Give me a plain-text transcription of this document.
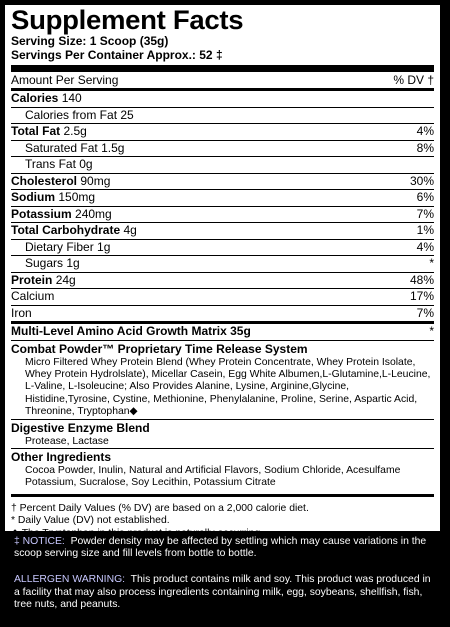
Supplement Facts
Serving Size: 1 Scoop (35g)
Servings Per Container Approx.: 52 ‡
Amount Per Serving	% DV †
Calories 140
Calories from Fat 25
Total Fat 2.5g	4%
Saturated Fat 1.5g	8%
Trans Fat 0g
Cholesterol 90mg	30%
Sodium 150mg	6%
Potassium 240mg	7%
Total Carbohydrate 4g	1%
Dietary Fiber 1g	4%
Sugars 1g	*
Protein 24g	48%
Calcium	17%
Iron	7%
Multi-Level Amino Acid Growth Matrix 35g	*
Combat Powder™ Proprietary Time Release System
Micro Filtered Whey Protein Blend (Whey Protein Concentrate, Whey Protein Isolate, Whey Protein Hydrolslate), Micellar Casein, Egg White Albumen,L-Glutamine,L-Leucine, L-Valine, L-Isoleucine; Also Provides Alanine, Lysine, Arginine,Glycine, Histidine,Tyrosine, Cystine, Methionine, Phenylalanine, Proline, Serine, Aspartic Acid, Threonine, Tryptophan◆
Digestive Enzyme Blend
Protease, Lactase
Other Ingredients
Cocoa Powder, Inulin, Natural and Artificial Flavors, Sodium Chloride, Acesulfame Potassium, Sucralose, Soy Lecithin, Potassium Citrate
† Percent Daily Values (% DV) are based on a 2,000 calorie diet.
* Daily Value (DV) not established.
◆ The Tryptophan in this product is naturally occurring.

‡ NOTICE: Powder density may be affected by settling which may cause variations in the scoop serving size and fill levels from bottle to bottle.

ALLERGEN WARNING: This product contains milk and soy. This product was produced in a facility that may also process ingredients containing milk, egg, soybeans, shellfish, fish, tree nuts, and peanuts.
